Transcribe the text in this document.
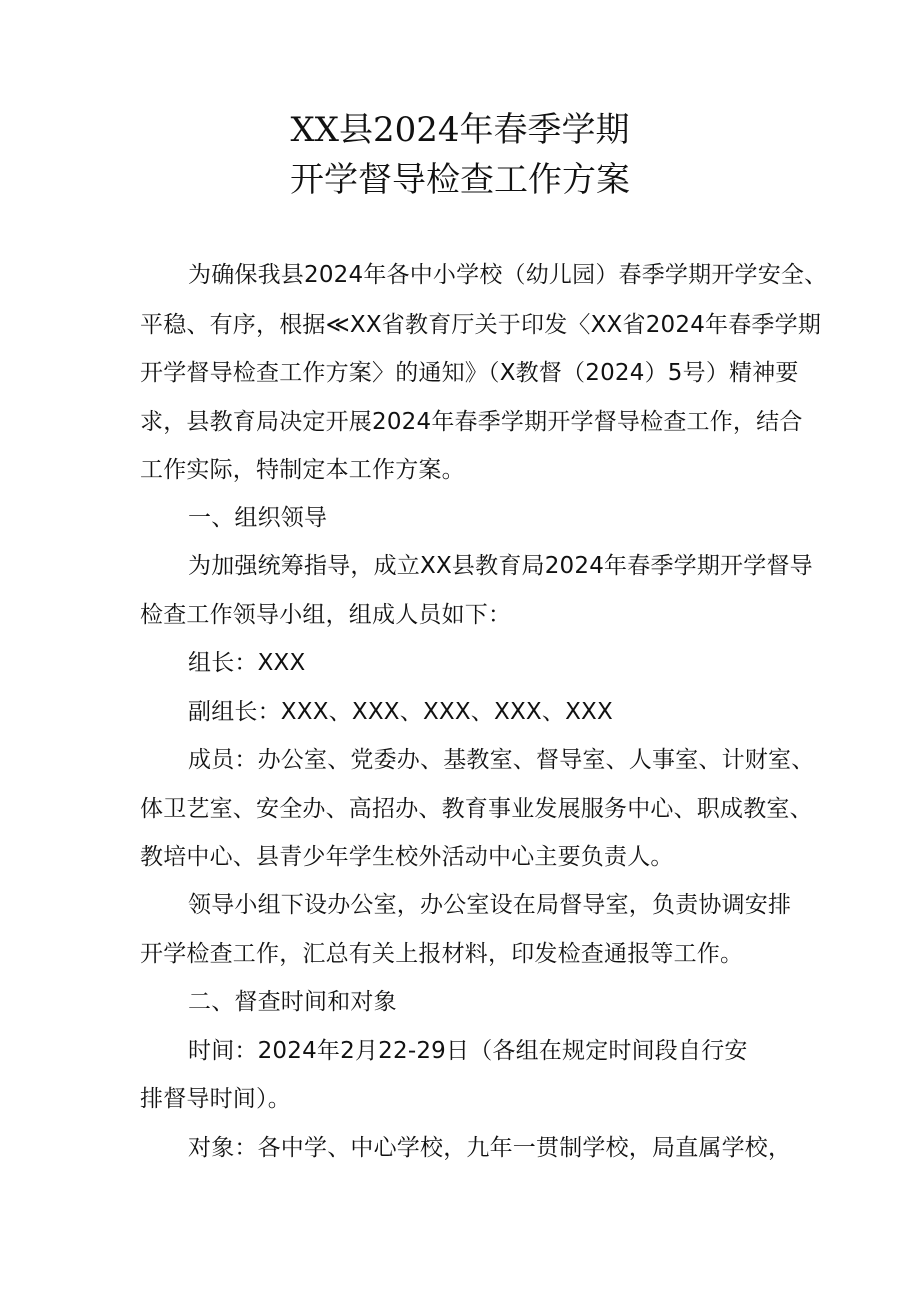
XX县2024年春季学期
开学督导检查工作方案
为确保我县2024年各中小学校（幼儿园）春季学期开学安全、
平稳、有序，根据≪XX省教育厅关于印发〈XX省2024年春季学期
开学督导检查工作方案〉的通知》（X教督（2024）5号）精神要
求，县教育局决定开展2024年春季学期开学督导检查工作，结合
工作实际，特制定本工作方案。
一、组织领导
为加强统筹指导，成立XX县教育局2024年春季学期开学督导
检查工作领导小组，组成人员如下：
组长：XXX
副组长：XXX、XXX、XXX、XXX、XXX
成员：办公室、党委办、基教室、督导室、人事室、计财室、
体卫艺室、安全办、高招办、教育事业发展服务中心、职成教室、
教培中心、县青少年学生校外活动中心主要负责人。
领导小组下设办公室，办公室设在局督导室，负责协调安排
开学检查工作，汇总有关上报材料，印发检查通报等工作。
二、督查时间和对象
时间：2024年2月22-29日（各组在规定时间段自行安
排督导时间）。
对象：各中学、中心学校，九年一贯制学校，局直属学校，
